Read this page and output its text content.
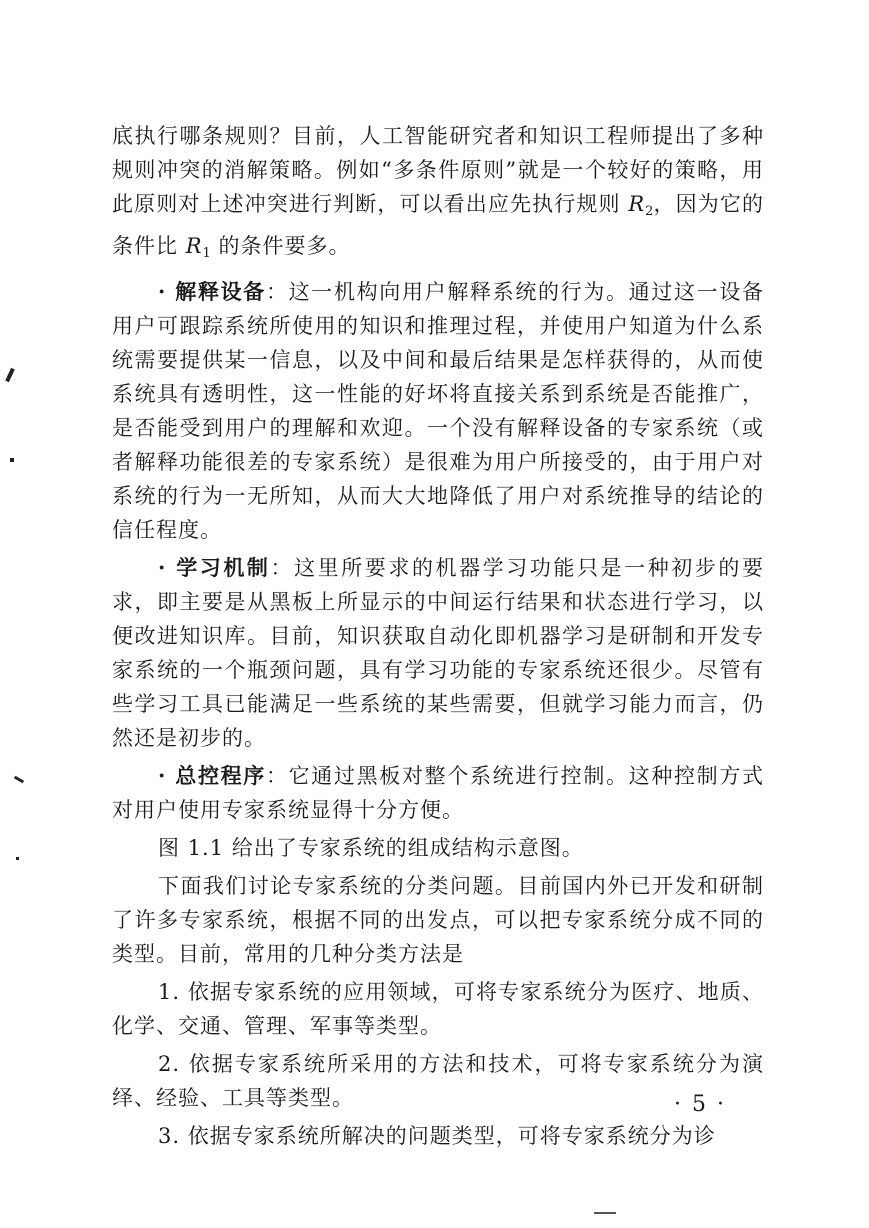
底执行哪条规则？目前，人工智能研究者和知识工程师提出了多种规则冲突的消解策略。例如“多条件原则”就是一个较好的策略，用此原则对上述冲突进行判断，可以看出应先执行规则 $R_2$，因为它的条件比 $R_1$ 的条件要多。

· 解释设备：这一机构向用户解释系统的行为。通过这一设备用户可跟踪系统所使用的知识和推理过程，并使用户知道为什么系统需要提供某一信息，以及中间和最后结果是怎样获得的，从而使系统具有透明性，这一性能的好坏将直接关系到系统是否能推广，是否能受到用户的理解和欢迎。一个没有解释设备的专家系统（或者解释功能很差的专家系统）是很难为用户所接受的，由于用户对系统的行为一无所知，从而大大地降低了用户对系统推导的结论的信任程度。

· 学习机制：这里所要求的机器学习功能只是一种初步的要求，即主要是从黑板上所显示的中间运行结果和状态进行学习，以便改进知识库。目前，知识获取自动化即机器学习是研制和开发专家系统的一个瓶颈问题，具有学习功能的专家系统还很少。尽管有些学习工具已能满足一些系统的某些需要，但就学习能力而言，仍然还是初步的。

· 总控程序：它通过黑板对整个系统进行控制。这种控制方式对用户使用专家系统显得十分方便。

图 1.1 给出了专家系统的组成结构示意图。

下面我们讨论专家系统的分类问题。目前国内外已开发和研制了许多专家系统，根据不同的出发点，可以把专家系统分成不同的类型。目前，常用的几种分类方法是

1. 依据专家系统的应用领域，可将专家系统分为医疗、地质、化学、交通、管理、军事等类型。

2. 依据专家系统所采用的方法和技术，可将专家系统分为演绎、经验、工具等类型。

3. 依据专家系统所解决的问题类型，可将专家系统分为诊

· 5 ·
